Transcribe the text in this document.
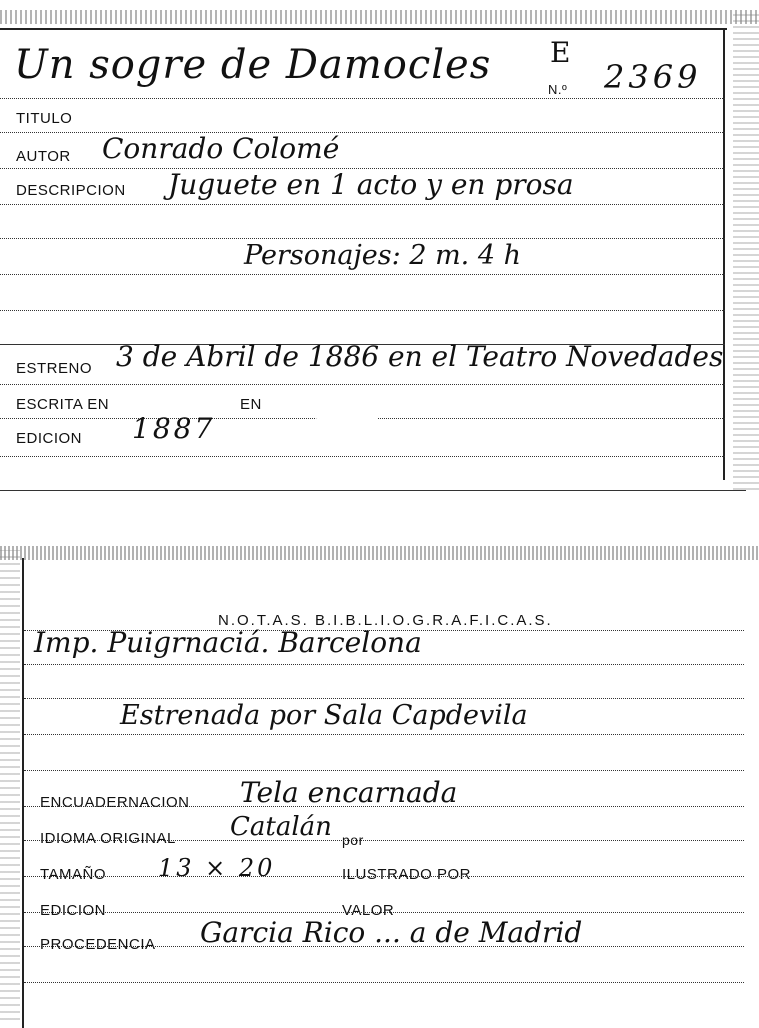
Un sogre de Damocles E
N.º 2369
TITULO
AUTOR Conrado Colomé
DESCRIPCION Juguete en 1 acto y en prosa
Personajes: 2 m. 4 h
ESTRENO 3 de Abril de 1886 en el Teatro Novedades
ESCRITA EN	EN
EDICION 1887
N.O.T.A.S. B.I.B.L.I.O.G.R.A.F.I.C.A.S.
Imp. Puigrnaciá. Barcelona
Estrenada por Sala Capdevila
ENCUADERNACION Tela encarnada
IDIOMA ORIGINAL Catalán por
TAMAÑO 13 × 20	ILUSTRADO POR
EDICION	VALOR
PROCEDENCIA Garcia Rico ... a de Madrid
